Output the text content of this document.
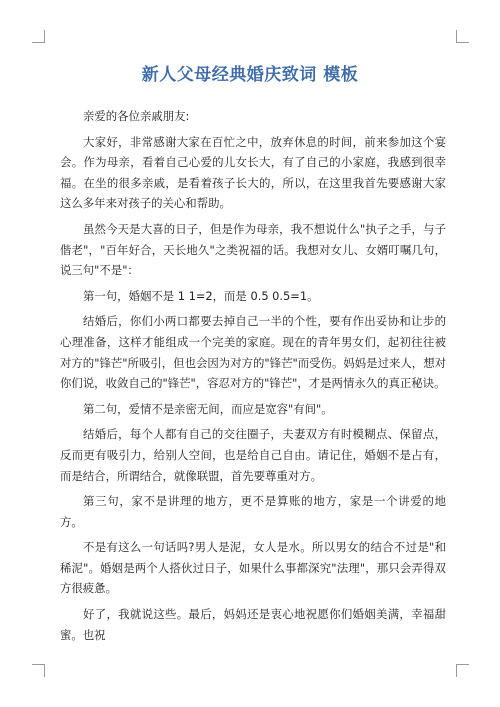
新人父母经典婚庆致词 模板

亲爱的各位亲戚朋友:

大家好，非常感谢大家在百忙之中，放弃休息的时间，前来参加这个宴会。作为母亲，看着自己心爱的儿女长大，有了自己的小家庭，我感到很幸福。在坐的很多亲戚，是看着孩子长大的，所以，在这里我首先要感谢大家这么多年来对孩子的关心和帮助。

虽然今天是大喜的日子，但是作为母亲，我不想说什么"执子之手，与子偕老"，"百年好合，天长地久"之类祝福的话。我想对女儿、女婿叮嘱几句，说三句"不是"：

第一句，婚姻不是 1 1=2，而是 0.5 0.5=1。

结婚后，你们小两口都要去掉自己一半的个性，要有作出妥协和让步的心理准备，这样才能组成一个完美的家庭。现在的青年男女们，起初往往被对方的"锋芒"所吸引，但也会因为对方的"锋芒"而受伤。妈妈是过来人，想对你们说，收敛自己的"锋芒"，容忍对方的"锋芒"，才是两情永久的真正秘诀。

第二句，爱情不是亲密无间，而应是宽容"有间"。

结婚后，每个人都有自己的交往圈子，夫妻双方有时模糊点、保留点，反而更有吸引力，给别人空间，也是给自己自由。请记住，婚姻不是占有，而是结合，所谓结合，就像联盟，首先要尊重对方。

第三句，家不是讲理的地方，更不是算账的地方，家是一个讲爱的地方。

不是有这么一句话吗?男人是泥，女人是水。所以男女的结合不过是"和稀泥"。婚姻是两个人搭伙过日子，如果什么事都深究"法理"，那只会弄得双方很疲惫。

好了，我就说这些。最后，妈妈还是衷心地祝愿你们婚姻美满，幸福甜蜜。也祝
